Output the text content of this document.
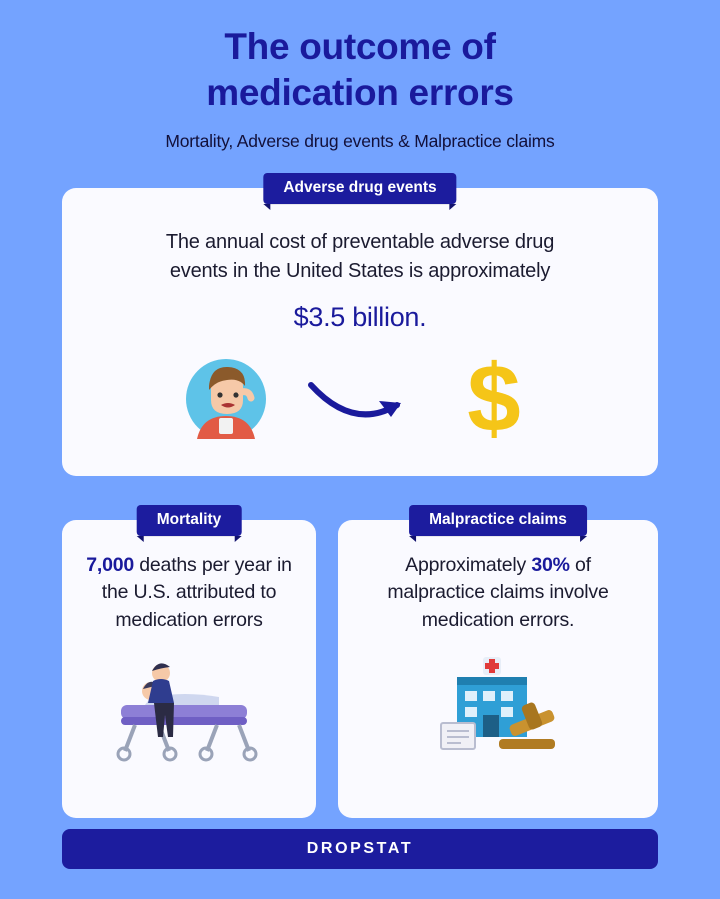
The outcome of
medication errors

Mortality, Adverse drug events & Malpractice claims

Adverse drug events

The annual cost of preventable adverse drug
events in the United States is approximately

$3.5 billion.

$
Mortality

7,000 deaths per year in the U.S. attributed to medication errors

Malpractice claims

Approximately 30% of malpractice claims involve medication errors.

DROPSTAT
